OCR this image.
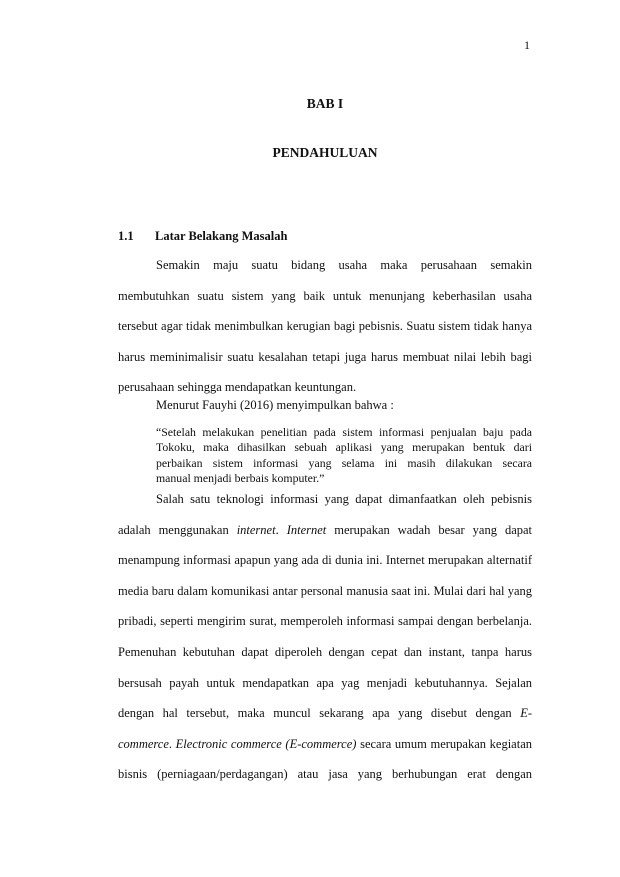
1
BAB I
PENDAHULUAN
1.1 Latar Belakang Masalah

Semakin maju suatu bidang usaha maka perusahaan semakin
membutuhkan suatu sistem yang baik untuk menunjang keberhasilan usaha
tersebut agar tidak menimbulkan kerugian bagi pebisnis. Suatu sistem tidak hanya
harus meminimalisir suatu kesalahan tetapi juga harus membuat nilai lebih bagi
perusahaan sehingga mendapatkan keuntungan.

Menurut Fauyhi (2016) menyimpulkan bahwa :

“Setelah melakukan penelitian pada sistem informasi penjualan baju pada
Tokoku, maka dihasilkan sebuah aplikasi yang merupakan bentuk dari
perbaikan sistem informasi yang selama ini masih dilakukan secara
manual menjadi berbais komputer.”

Salah satu teknologi informasi yang dapat dimanfaatkan oleh pebisnis
adalah menggunakan internet. Internet merupakan wadah besar yang dapat
menampung informasi apapun yang ada di dunia ini. Internet merupakan alternatif
media baru dalam komunikasi antar personal manusia saat ini. Mulai dari hal yang
pribadi, seperti mengirim surat, memperoleh informasi sampai dengan berbelanja.
Pemenuhan kebutuhan dapat diperoleh dengan cepat dan instant, tanpa harus
bersusah payah untuk mendapatkan apa yag menjadi kebutuhannya. Sejalan
dengan hal tersebut, maka muncul sekarang apa yang disebut dengan E-
commerce. Electronic commerce (E-commerce) secara umum merupakan kegiatan
bisnis (perniagaan/perdagangan) atau jasa yang berhubungan erat dengan
